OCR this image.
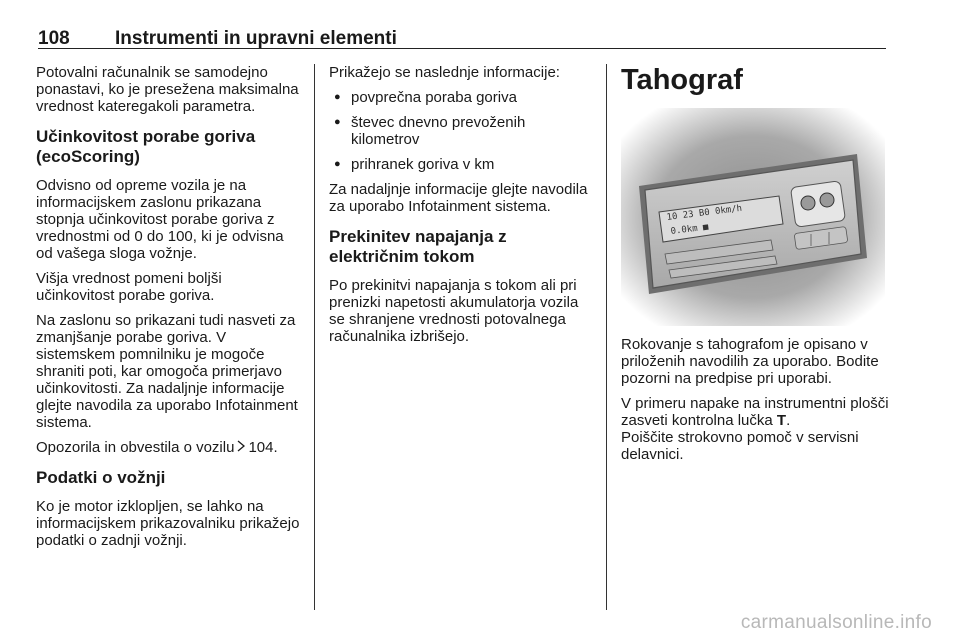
108 Instrumenti in upravni elementi

Potovalni računalnik se samodejno ponastavi, ko je presežena maksimalna vrednost kateregakoli parametra.

Učinkovitost porabe goriva (ecoScoring)

Odvisno od opreme vozila je na informacijskem zaslonu prikazana stopnja učinkovitost porabe goriva z vrednostmi od 0 do 100, ki je odvisna od vašega sloga vožnje.

Višja vrednost pomeni boljši učinkovitost porabe goriva.

Na zaslonu so prikazani tudi nasveti za zmanjšanje porabe goriva. V sistemskem pomnilniku je mogoče shraniti poti, kar omogoča primerjavo učinkovitosti. Za nadaljnje informacije glejte navodila za uporabo Infotainment sistema.

Opozorila in obvestila o vozilu 104.

Podatki o vožnji

Ko je motor izklopljen, se lahko na informacijskem prikazovalniku prikažejo podatki o zadnji vožnji.

Prikažejo se naslednje informacije:

● povprečna poraba goriva
● števec dnevno prevoženih kilometrov
● prihranek goriva v km

Za nadaljnje informacije glejte navodila za uporabo Infotainment sistema.

Prekinitev napajanja z električnim tokom

Po prekinitvi napajanja s tokom ali pri prenizki napetosti akumulatorja vozila se shranjene vrednosti potovalnega računalnika izbrišejo.

Tahograf
10 23 B0 0km/h
0.0km ■

Rokovanje s tahografom je opisano v priloženih navodilih za uporabo. Bodite pozorni na predpise pri uporabi.

V primeru napake na instrumentni plošči zasveti kontrolna lučka T.
Poiščite strokovno pomoč v servisni delavnici.

carmanualsonline.info
